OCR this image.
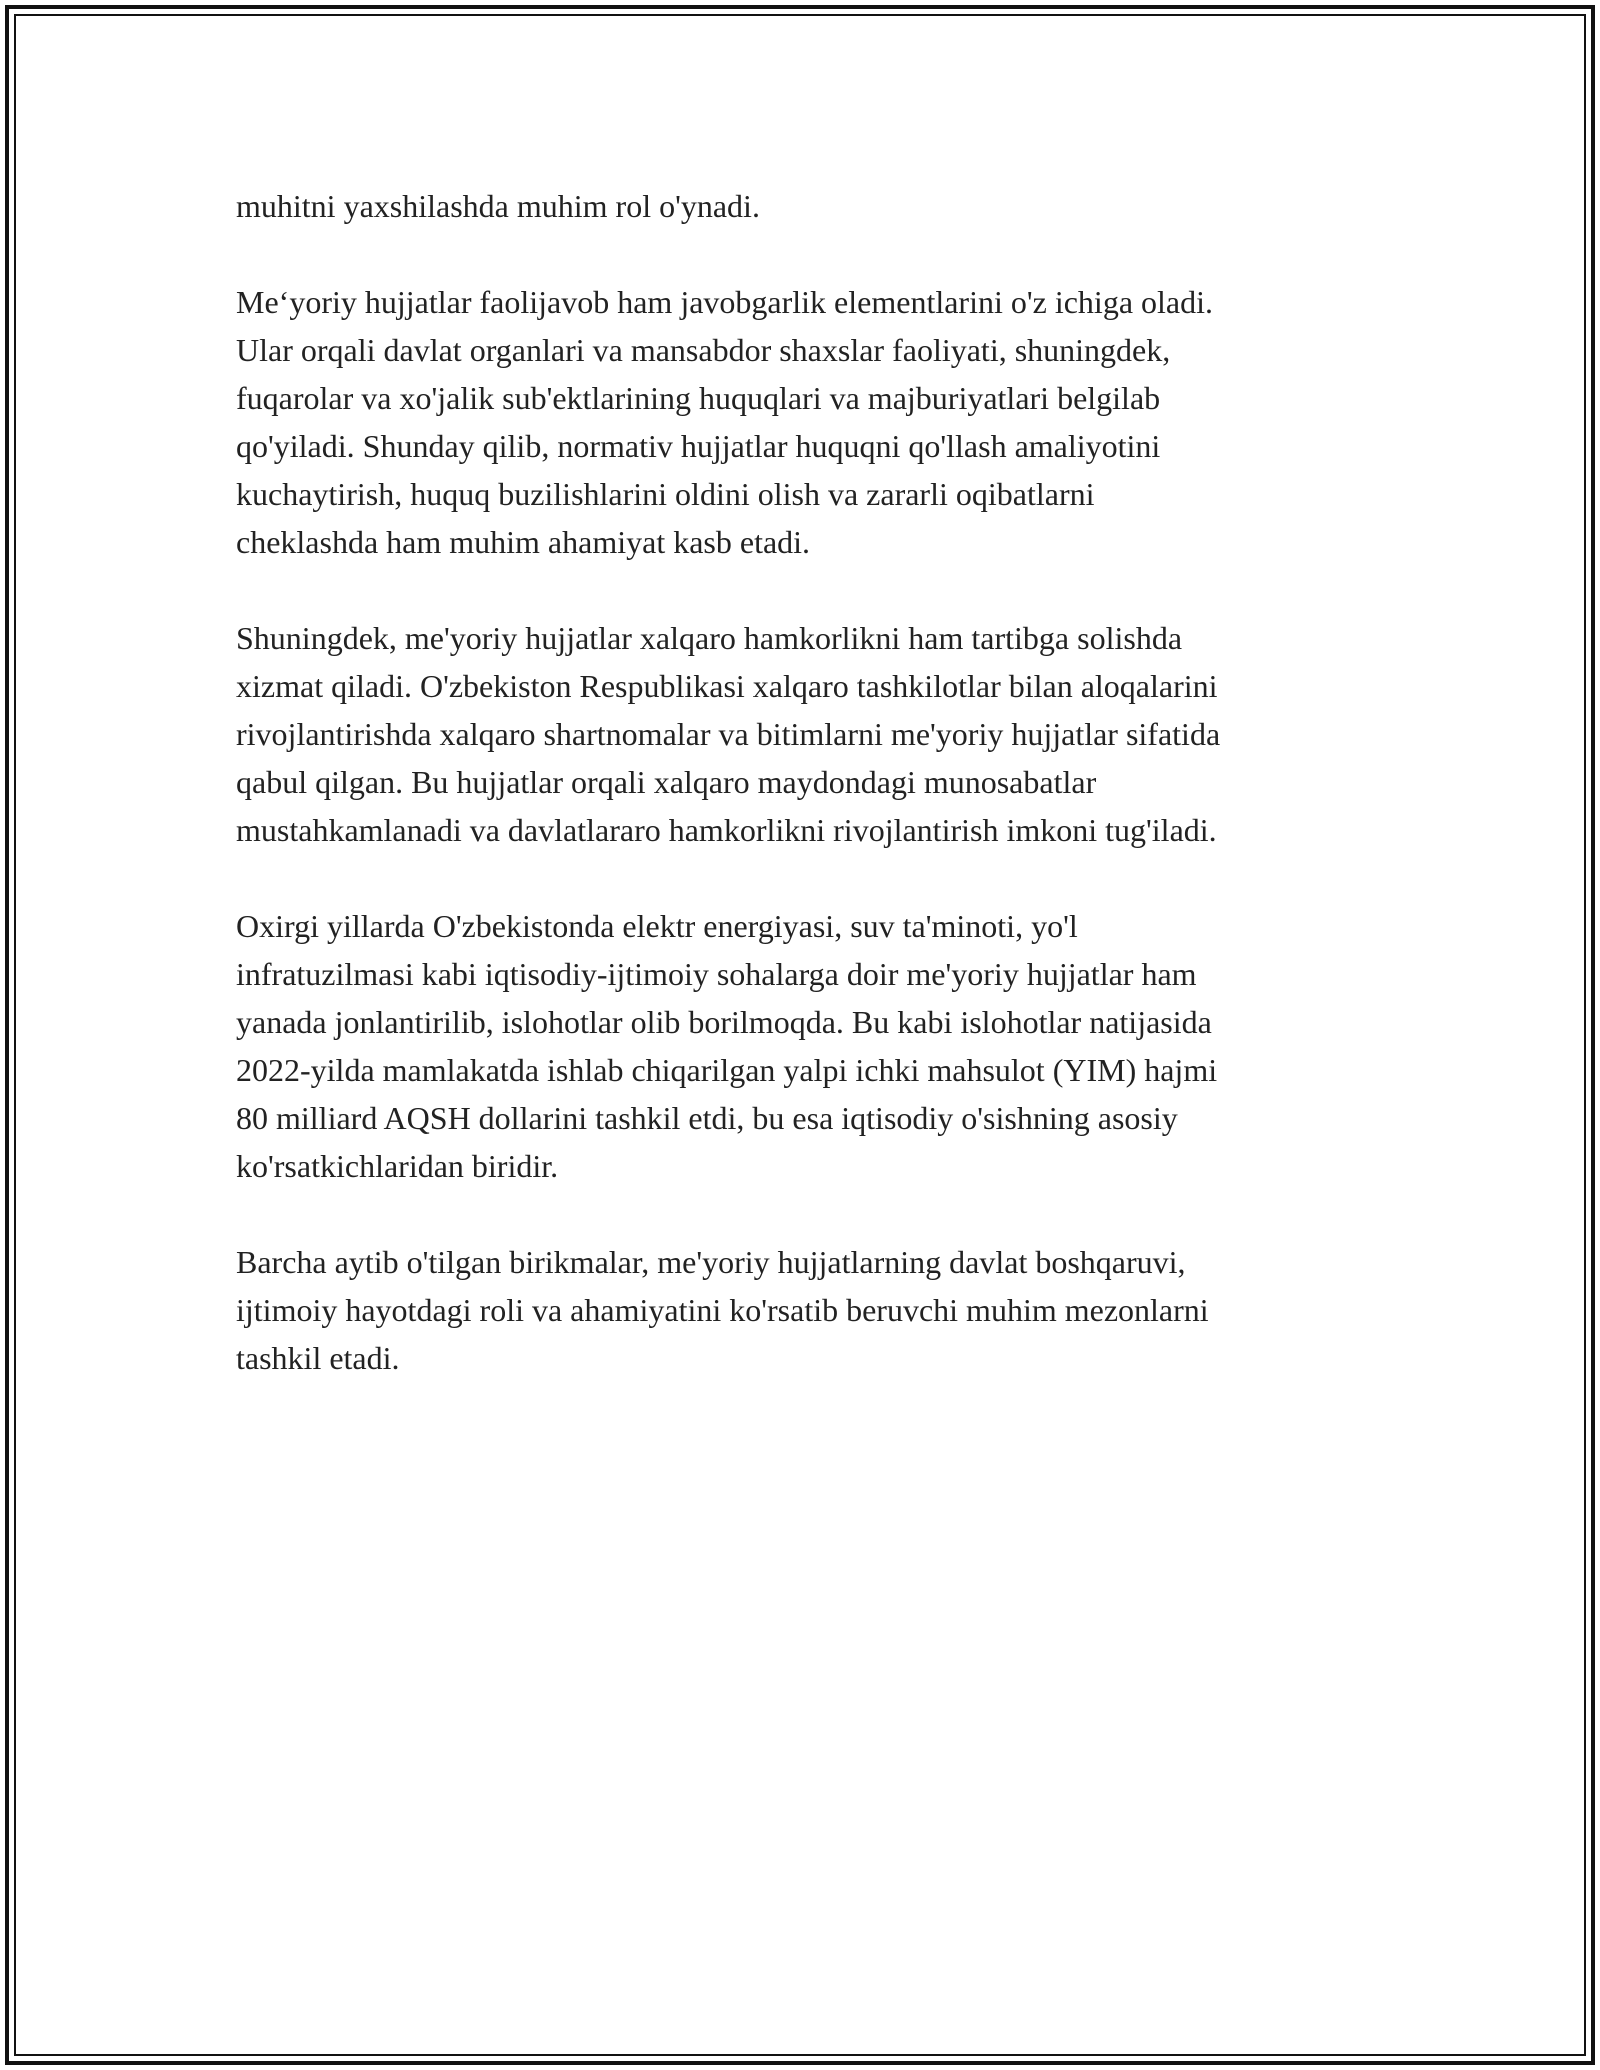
muhitni yaxshilashda muhim rol o'ynadi.

Me‘yoriy hujjatlar faolijavob ham javobgarlik elementlarini o'z ichiga oladi.
Ular orqali davlat organlari va mansabdor shaxslar faoliyati, shuningdek,
fuqarolar va xo'jalik sub'ektlarining huquqlari va majburiyatlari belgilab
qo'yiladi. Shunday qilib, normativ hujjatlar huquqni qo'llash amaliyotini
kuchaytirish, huquq buzilishlarini oldini olish va zararli oqibatlarni
cheklashda ham muhim ahamiyat kasb etadi.

Shuningdek, me'yoriy hujjatlar xalqaro hamkorlikni ham tartibga solishda
xizmat qiladi. O'zbekiston Respublikasi xalqaro tashkilotlar bilan aloqalarini
rivojlantirishda xalqaro shartnomalar va bitimlarni me'yoriy hujjatlar sifatida
qabul qilgan. Bu hujjatlar orqali xalqaro maydondagi munosabatlar
mustahkamlanadi va davlatlararo hamkorlikni rivojlantirish imkoni tug'iladi.

Oxirgi yillarda O'zbekistonda elektr energiyasi, suv ta'minoti, yo'l
infratuzilmasi kabi iqtisodiy-ijtimoiy sohalarga doir me'yoriy hujjatlar ham
yanada jonlantirilib, islohotlar olib borilmoqda. Bu kabi islohotlar natijasida
2022-yilda mamlakatda ishlab chiqarilgan yalpi ichki mahsulot (YIM) hajmi
80 milliard AQSH dollarini tashkil etdi, bu esa iqtisodiy o'sishning asosiy
ko'rsatkichlaridan biridir.

Barcha aytib o'tilgan birikmalar, me'yoriy hujjatlarning davlat boshqaruvi,
ijtimoiy hayotdagi roli va ahamiyatini ko'rsatib beruvchi muhim mezonlarni
tashkil etadi.
